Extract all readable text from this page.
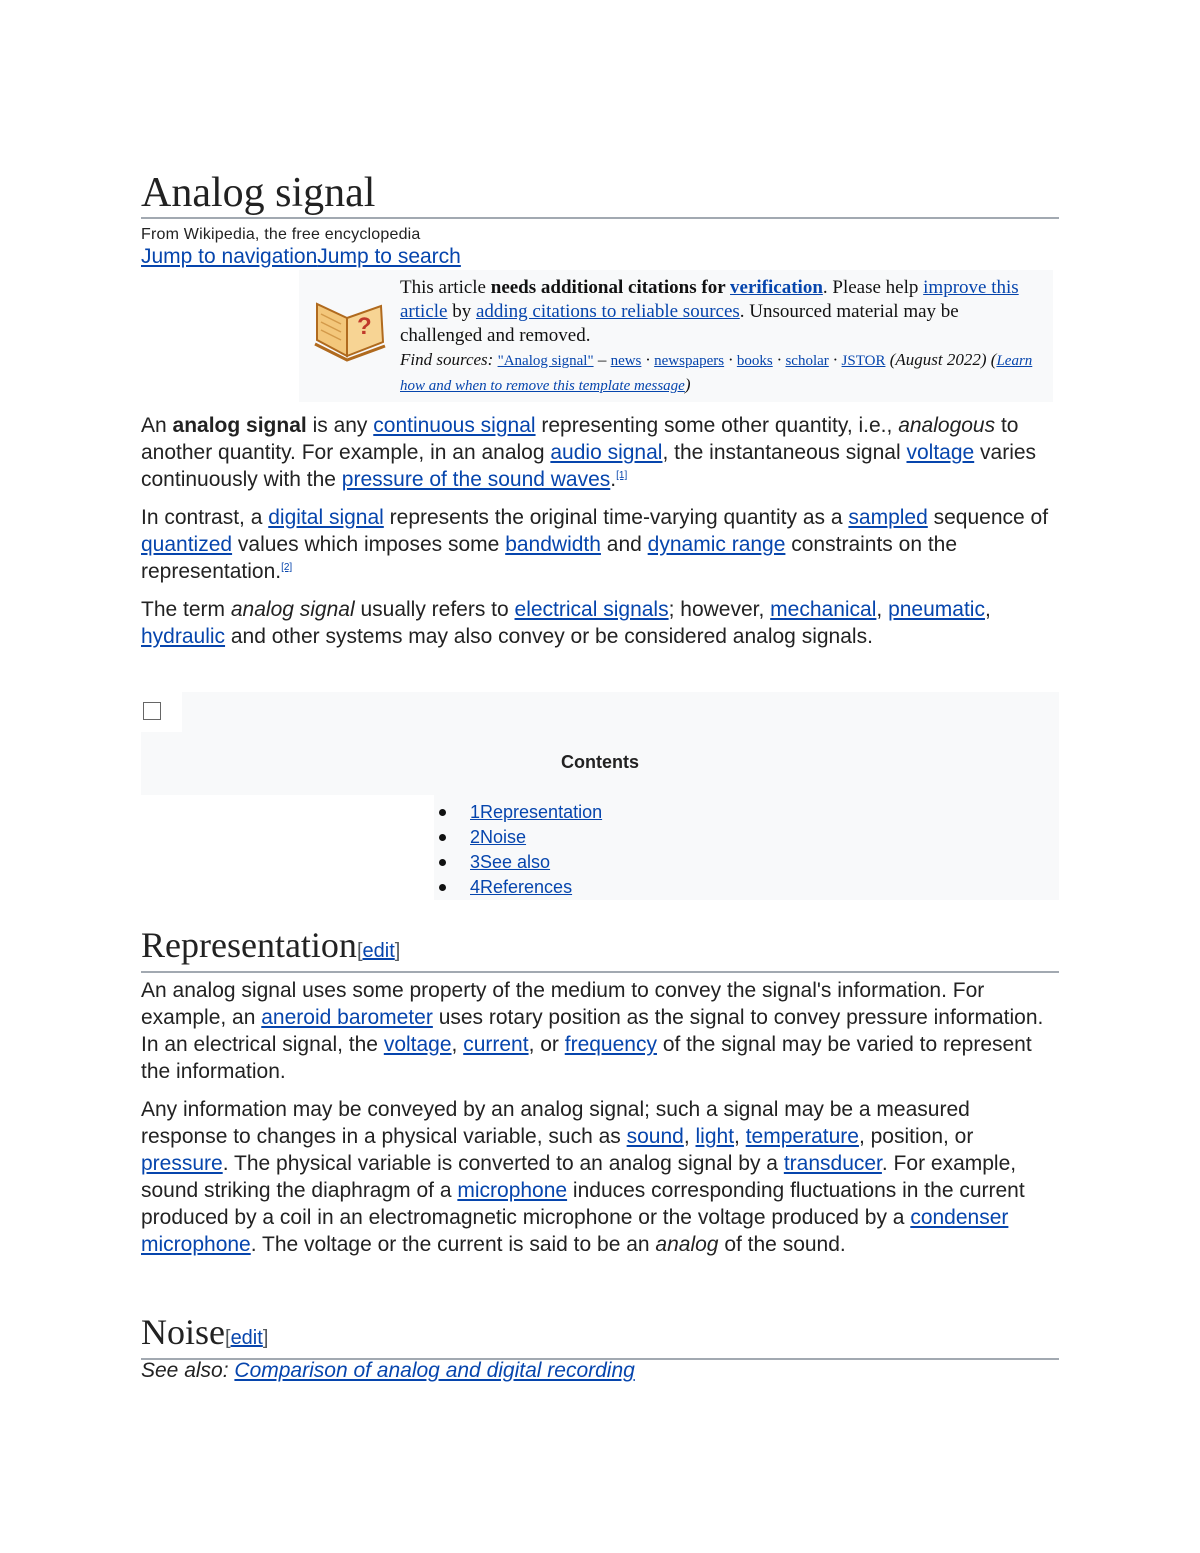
Analog signal
From Wikipedia, the free encyclopedia
Jump to navigationJump to search
?
This article needs additional citations for verification. Please help improve this article by adding citations to reliable sources. Unsourced material may be challenged and removed.
Find sources: "Analog signal" – news · newspapers · books · scholar · JSTOR (August 2022) (Learn how and when to remove this template message)

An analog signal is any continuous signal representing some other quantity, i.e., analogous to another quantity. For example, in an analog audio signal, the instantaneous signal voltage varies continuously with the pressure of the sound waves.[1]

In contrast, a digital signal represents the original time-varying quantity as a sampled sequence of quantized values which imposes some bandwidth and dynamic range constraints on the representation.[2]

The term analog signal usually refers to electrical signals; however, mechanical, pneumatic, hydraulic and other systems may also convey or be considered analog signals.

Contents
1Representation
2Noise
3See also
4References
Representation[edit]

An analog signal uses some property of the medium to convey the signal's information. For example, an aneroid barometer uses rotary position as the signal to convey pressure information. In an electrical signal, the voltage, current, or frequency of the signal may be varied to represent the information.

Any information may be conveyed by an analog signal; such a signal may be a measured response to changes in a physical variable, such as sound, light, temperature, position, or pressure. The physical variable is converted to an analog signal by a transducer. For example, sound striking the diaphragm of a microphone induces corresponding fluctuations in the current produced by a coil in an electromagnetic microphone or the voltage produced by a condenser microphone. The voltage or the current is said to be an analog of the sound.

Noise[edit]
See also: Comparison of analog and digital recording
